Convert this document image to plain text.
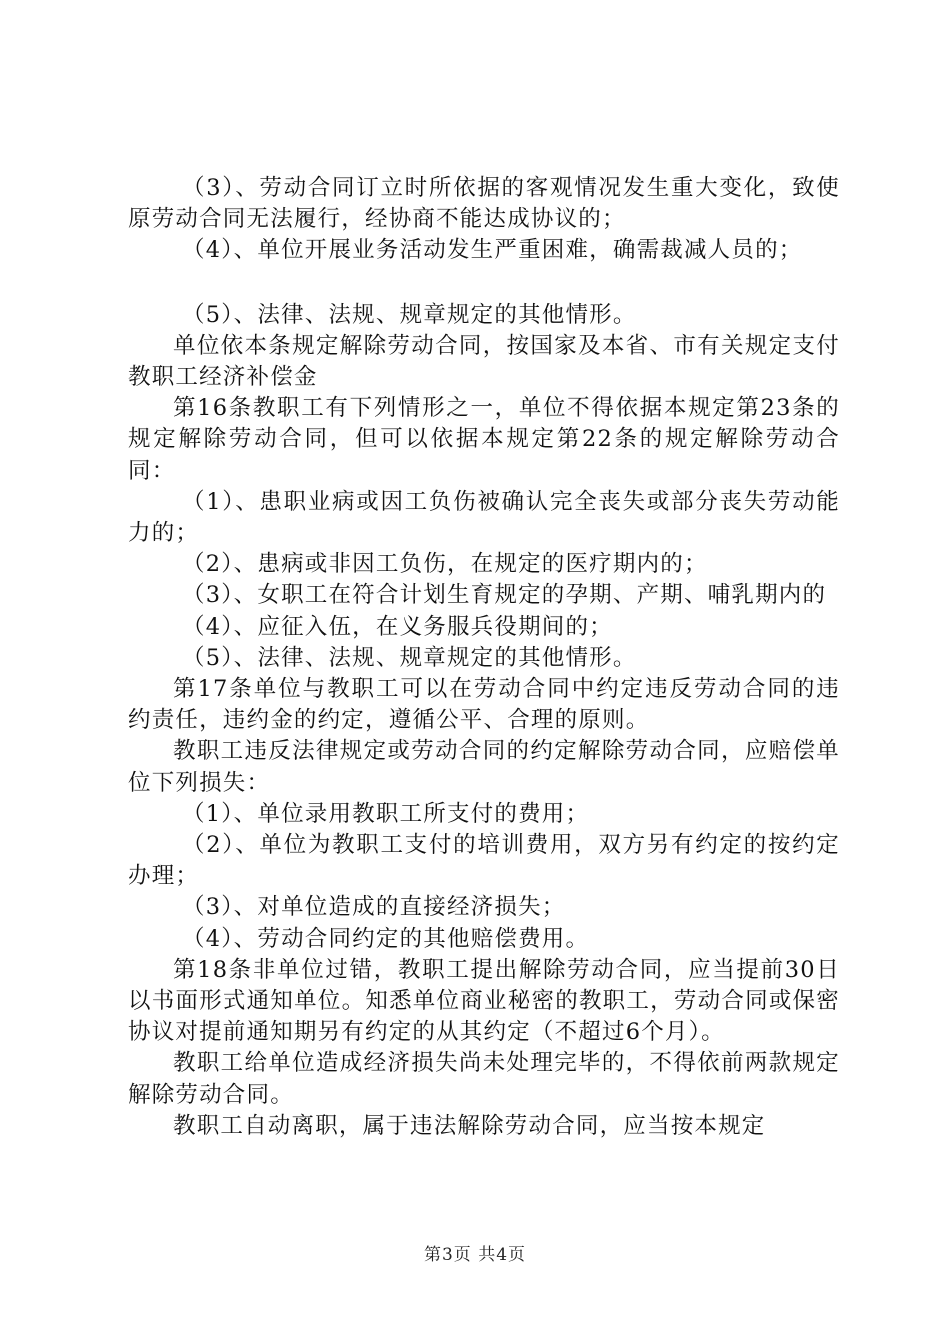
（3）、劳动合同订立时所依据的客观情况发生重大变化，致使原劳动合同无法履行，经协商不能达成协议的；

（4）、单位开展业务活动发生严重困难，确需裁减人员的；

（5）、法律、法规、规章规定的其他情形。

单位依本条规定解除劳动合同，按国家及本省、市有关规定支付教职工经济补偿金

第16条教职工有下列情形之一，单位不得依据本规定第23条的规定解除劳动合同，但可以依据本规定第22条的规定解除劳动合同：

（1）、患职业病或因工负伤被确认完全丧失或部分丧失劳动能力的；

（2）、患病或非因工负伤，在规定的医疗期内的；

（3）、女职工在符合计划生育规定的孕期、产期、哺乳期内的

（4）、应征入伍，在义务服兵役期间的；

（5）、法律、法规、规章规定的其他情形。

第17条单位与教职工可以在劳动合同中约定违反劳动合同的违约责任，违约金的约定，遵循公平、合理的原则。

教职工违反法律规定或劳动合同的约定解除劳动合同，应赔偿单位下列损失：

（1）、单位录用教职工所支付的费用；

（2）、单位为教职工支付的培训费用，双方另有约定的按约定办理；

（3）、对单位造成的直接经济损失；

（4）、劳动合同约定的其他赔偿费用。

第18条非单位过错，教职工提出解除劳动合同，应当提前30日以书面形式通知单位。知悉单位商业秘密的教职工，劳动合同或保密协议对提前通知期另有约定的从其约定（不超过6个月）。

教职工给单位造成经济损失尚未处理完毕的，不得依前两款规定解除劳动合同。

教职工自动离职，属于违法解除劳动合同，应当按本规定

第3页 共4页
